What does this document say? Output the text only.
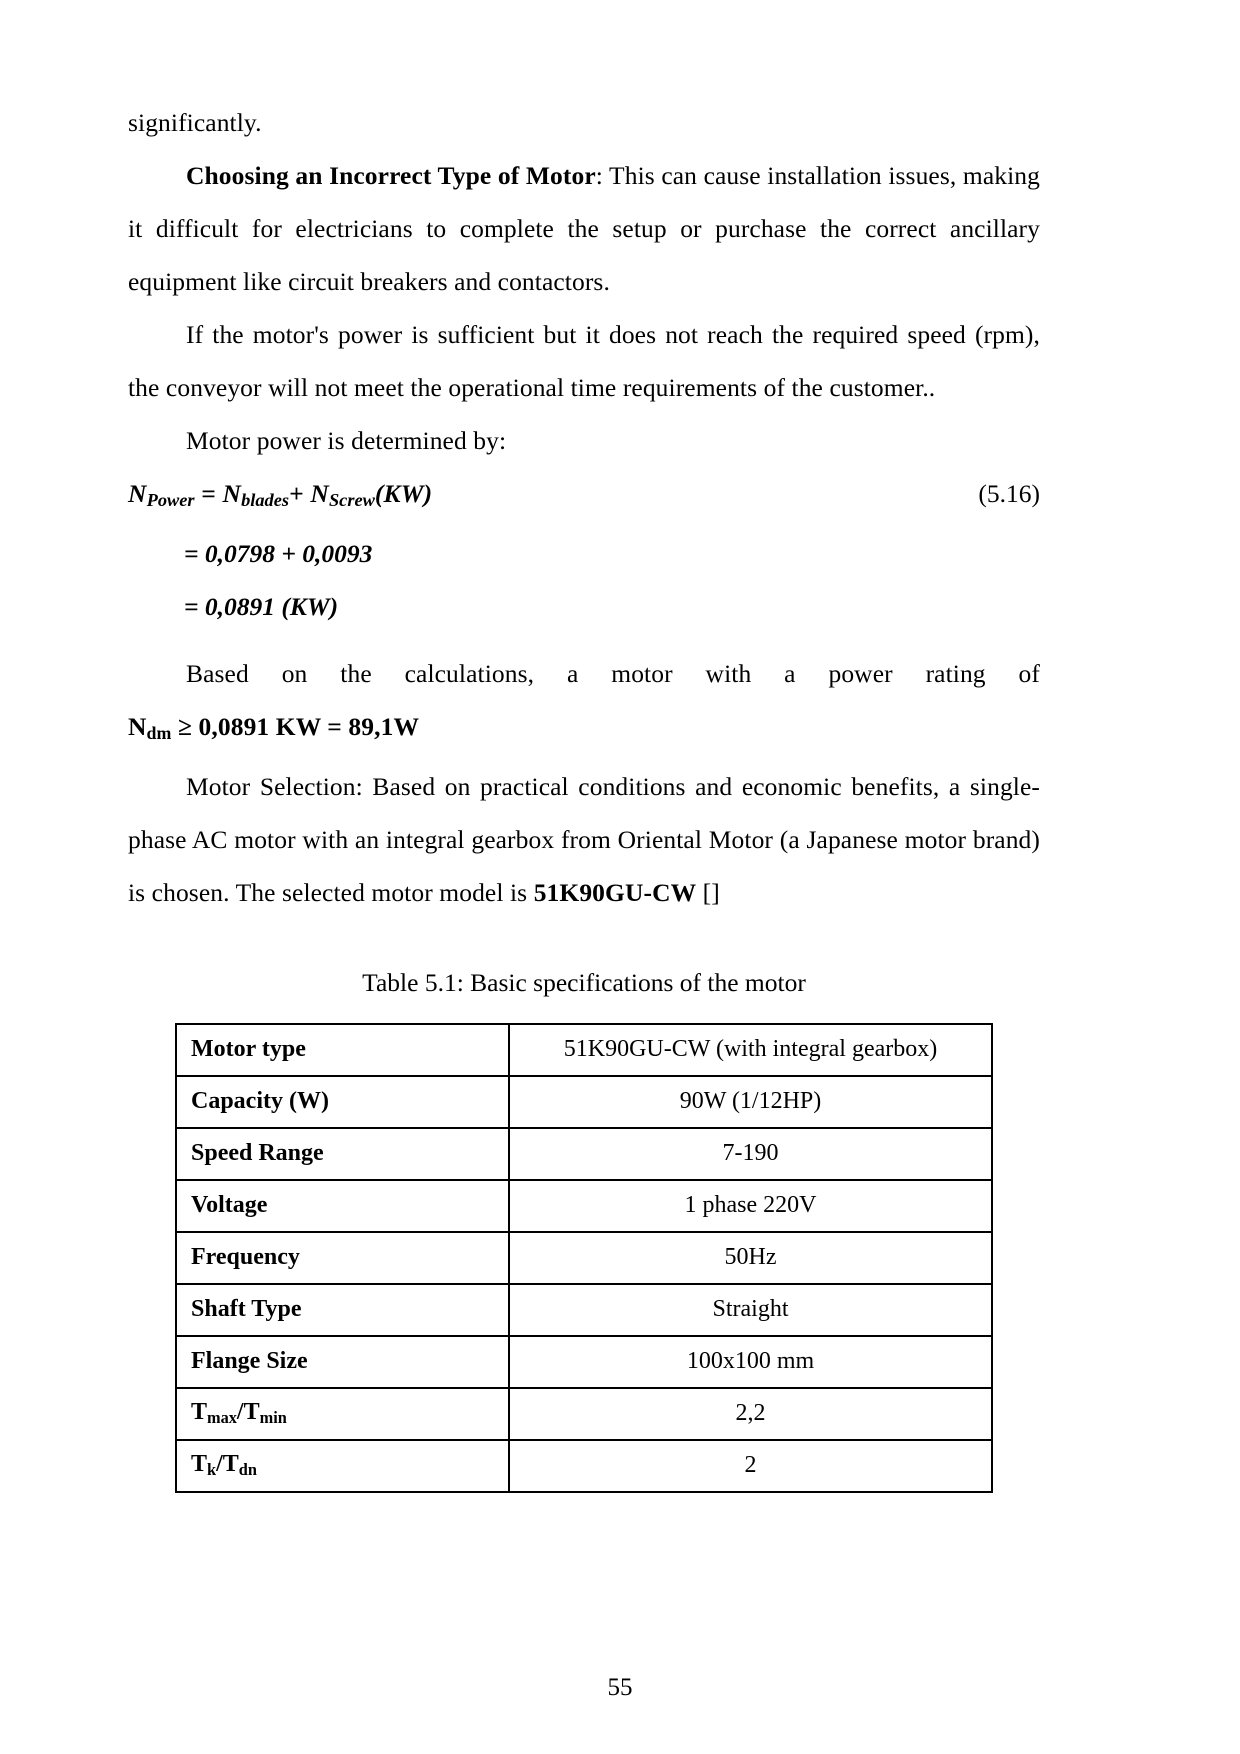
significantly.

Choosing an Incorrect Type of Motor: This can cause installation issues, making it difficult for electricians to complete the setup or purchase the correct ancillary equipment like circuit breakers and contactors.

If the motor's power is sufficient but it does not reach the required speed (rpm), the conveyor will not meet the operational time requirements of the customer..

Motor power is determined by:

$N_{Power} = N_{blades}+ N_{Screw}(KW)$	(5.16)
= 0,0798 + 0,0093
= 0,0891 (KW)

Based on the calculations, a motor with a power rating of $N_{dm} \ge 0,0891$ KW = 89,1W

Motor Selection: Based on practical conditions and economic benefits, a single-phase AC motor with an integral gearbox from Oriental Motor (a Japanese motor brand) is chosen. The selected motor model is 51K90GU-CW []

Table 5.1: Basic specifications of the motor
Motor type	51K90GU-CW (with integral gearbox)
Capacity (W)	90W (1/12HP)
Speed Range	7-190
Voltage	1 phase 220V
Frequency	50Hz
Shaft Type	Straight
Flange Size	100x100 mm
$T_{max}/T_{min}$	2,2
$T_k/T_{dn}$	2
55
